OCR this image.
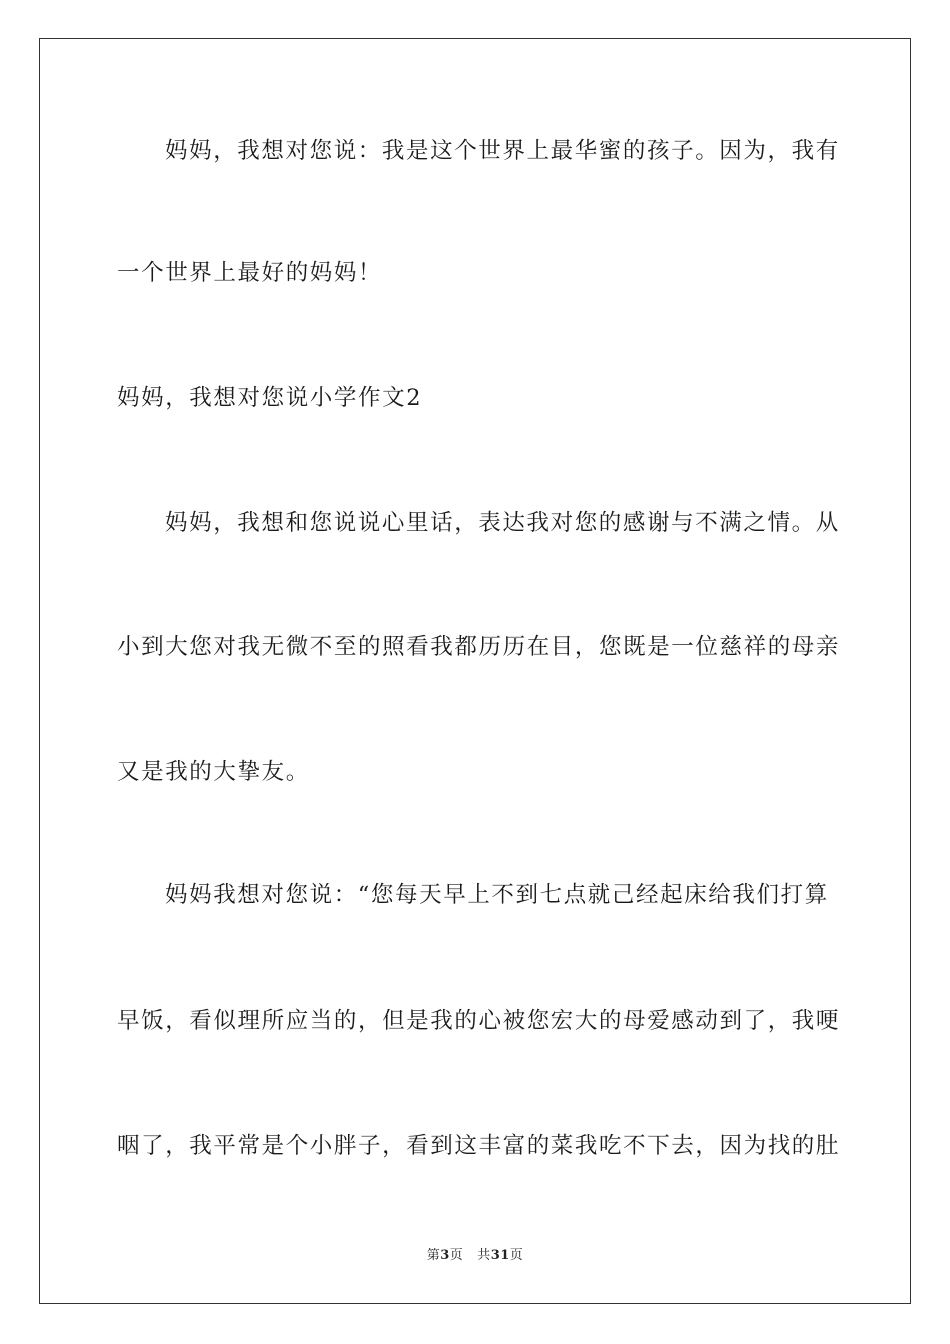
妈妈，我想对您说：我是这个世界上最华蜜的孩子。因为，我有
一个世界上最好的妈妈！
妈妈，我想对您说小学作文2
妈妈，我想和您说说心里话，表达我对您的感谢与不满之情。从
小到大您对我无微不至的照看我都历历在目，您既是一位慈祥的母亲
又是我的大挚友。
妈妈我想对您说：“您每天早上不到七点就己经起床给我们打算
早饭，看似理所应当的，但是我的心被您宏大的母爱感动到了，我哽
咽了，我平常是个小胖子，看到这丰富的菜我吃不下去，因为找的肚
第3页 共31页
